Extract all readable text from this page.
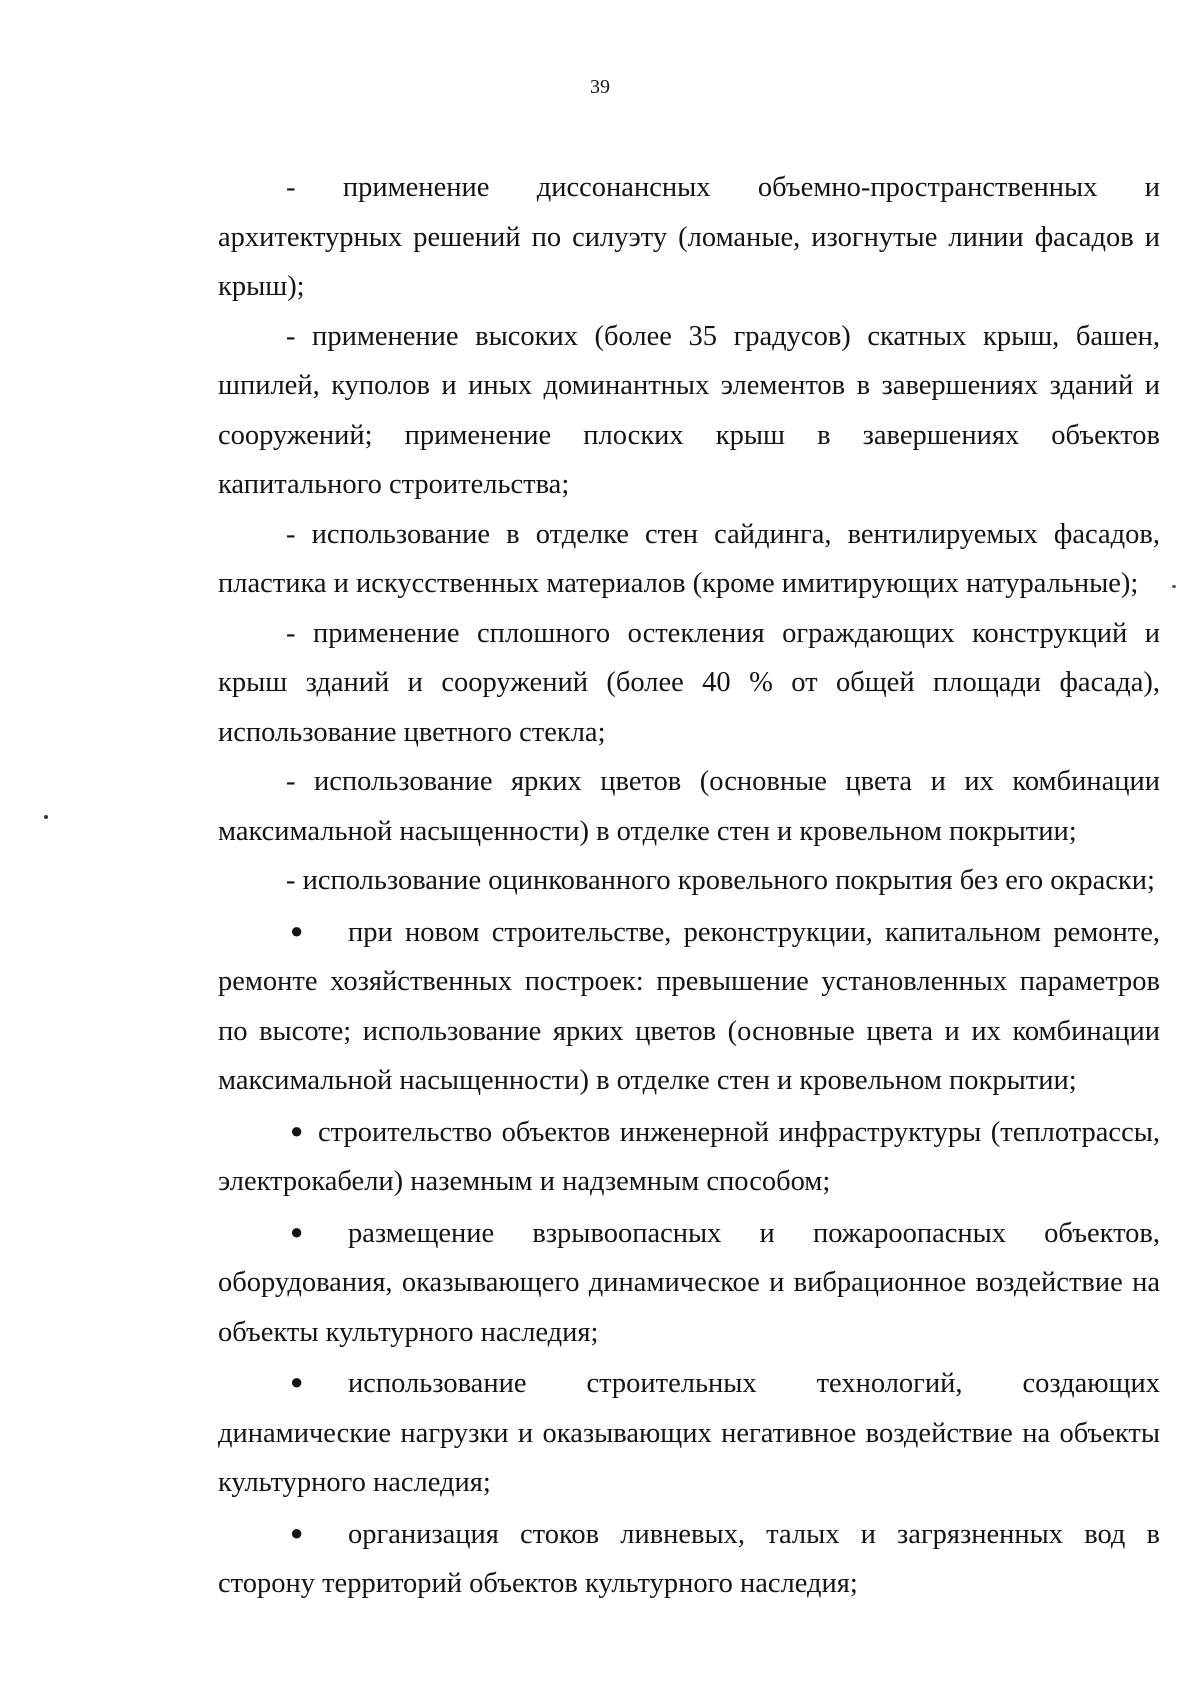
39

- применение диссонансных объемно-пространственных и архитектурных решений по силуэту (ломаные, изогнутые линии фасадов и крыш);

- применение высоких (более 35 градусов) скатных крыш, башен, шпилей, куполов и иных доминантных элементов в завершениях зданий и сооружений; применение плоских крыш в завершениях объектов капитального строительства;

- использование в отделке стен сайдинга, вентилируемых фасадов, пластика и искусственных материалов (кроме имитирующих натуральные);

- применение сплошного остекления ограждающих конструкций и крыш зданий и сооружений (более 40 % от общей площади фасада), использование цветного стекла;

- использование ярких цветов (основные цвета и их комбинации максимальной насыщенности) в отделке стен и кровельном покрытии;

- использование оцинкованного кровельного покрытия без его окраски;

● при новом строительстве, реконструкции, капитальном ремонте, ремонте хозяйственных построек: превышение установленных параметров по высоте; использование ярких цветов (основные цвета и их комбинации максимальной насыщенности) в отделке стен и кровельном покрытии;

● строительство объектов инженерной инфраструктуры (теплотрассы, электрокабели) наземным и надземным способом;

● размещение взрывоопасных и пожароопасных объектов, оборудования, оказывающего динамическое и вибрационное воздействие на объекты культурного наследия;

● использование строительных технологий, создающих динамические нагрузки и оказывающих негативное воздействие на объекты культурного наследия;

● организация стоков ливневых, талых и загрязненных вод в сторону территорий объектов культурного наследия;
